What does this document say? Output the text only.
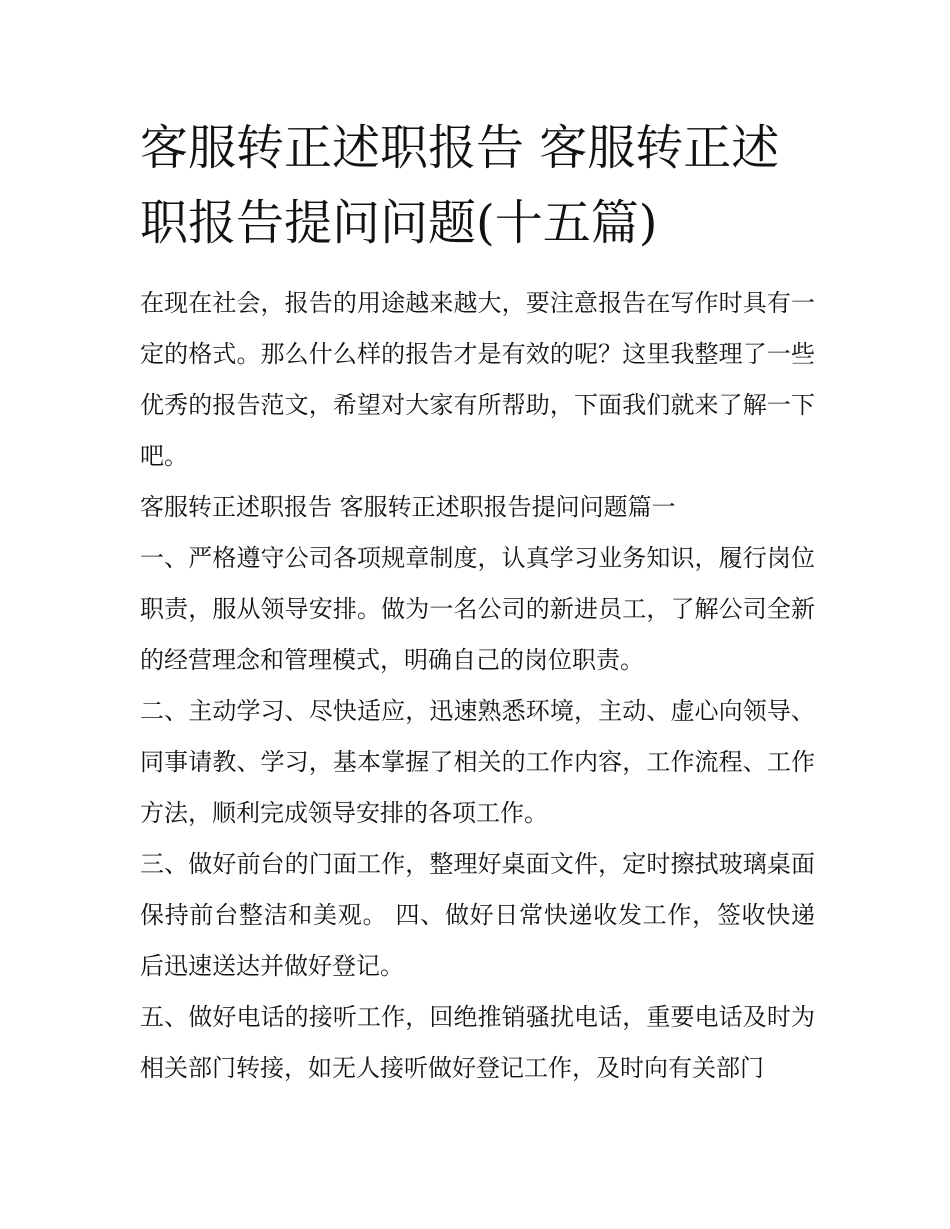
客服转正述职报告 客服转正述职报告提问问题(十五篇)

在现在社会，报告的用途越来越大，要注意报告在写作时具有一定的格式。那么什么样的报告才是有效的呢？这里我整理了一些优秀的报告范文，希望对大家有所帮助，下面我们就来了解一下吧。

客服转正述职报告 客服转正述职报告提问问题篇一

一、严格遵守公司各项规章制度，认真学习业务知识，履行岗位职责，服从领导安排。做为一名公司的新进员工，了解公司全新的经营理念和管理模式，明确自己的岗位职责。

二、主动学习、尽快适应，迅速熟悉环境，主动、虚心向领导、同事请教、学习，基本掌握了相关的工作内容，工作流程、工作方法，顺利完成领导安排的各项工作。

三、做好前台的门面工作，整理好桌面文件，定时擦拭玻璃桌面保持前台整洁和美观。 四、做好日常快递收发工作，签收快递后迅速送达并做好登记。

五、做好电话的接听工作，回绝推销骚扰电话，重要电话及时为相关部门转接，如无人接听做好登记工作，及时向有关部门
